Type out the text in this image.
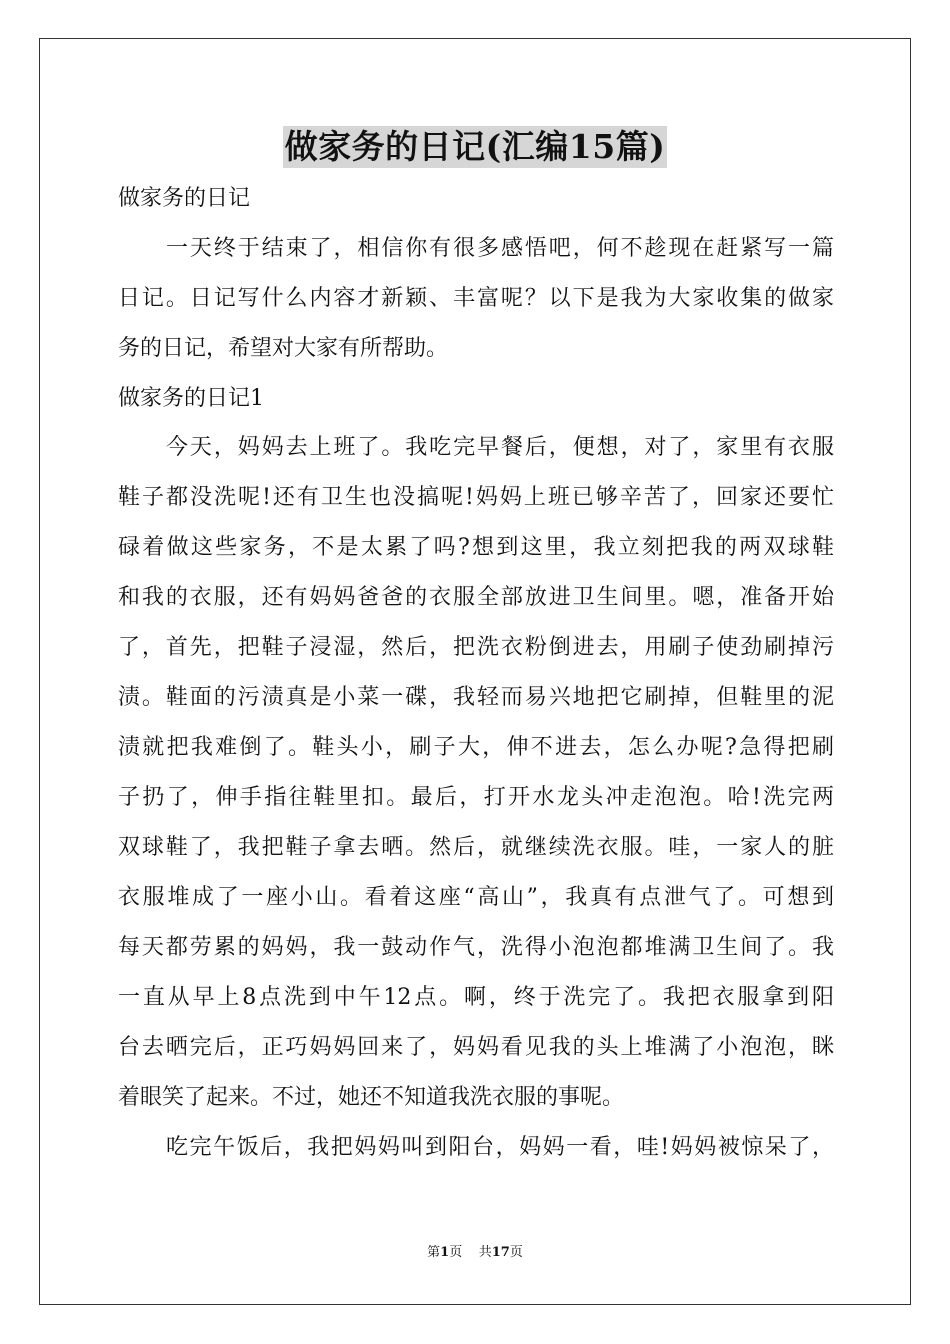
做家务的日记(汇编15篇)
做家务的日记
一天终于结束了，相信你有很多感悟吧，何不趁现在赶紧写一篇
日记。日记写什么内容才新颖、丰富呢？以下是我为大家收集的做家
务的日记，希望对大家有所帮助。
做家务的日记1
今天，妈妈去上班了。我吃完早餐后，便想，对了，家里有衣服
鞋子都没洗呢!还有卫生也没搞呢!妈妈上班已够辛苦了，回家还要忙
碌着做这些家务，不是太累了吗?想到这里，我立刻把我的两双球鞋
和我的衣服，还有妈妈爸爸的衣服全部放进卫生间里。嗯，准备开始
了，首先，把鞋子浸湿，然后，把洗衣粉倒进去，用刷子使劲刷掉污
渍。鞋面的污渍真是小菜一碟，我轻而易兴地把它刷掉，但鞋里的泥
渍就把我难倒了。鞋头小，刷子大，伸不进去，怎么办呢?急得把刷
子扔了，伸手指往鞋里扣。最后，打开水龙头冲走泡泡。哈!洗完两
双球鞋了，我把鞋子拿去晒。然后，就继续洗衣服。哇，一家人的脏
衣服堆成了一座小山。看着这座“高山”，我真有点泄气了。可想到
每天都劳累的妈妈，我一鼓动作气，洗得小泡泡都堆满卫生间了。我
一直从早上8点洗到中午12点。啊，终于洗完了。我把衣服拿到阳
台去晒完后，正巧妈妈回来了，妈妈看见我的头上堆满了小泡泡，眯
着眼笑了起来。不过，她还不知道我洗衣服的事呢。
吃完午饭后，我把妈妈叫到阳台，妈妈一看，哇!妈妈被惊呆了，
第1页 共17页
